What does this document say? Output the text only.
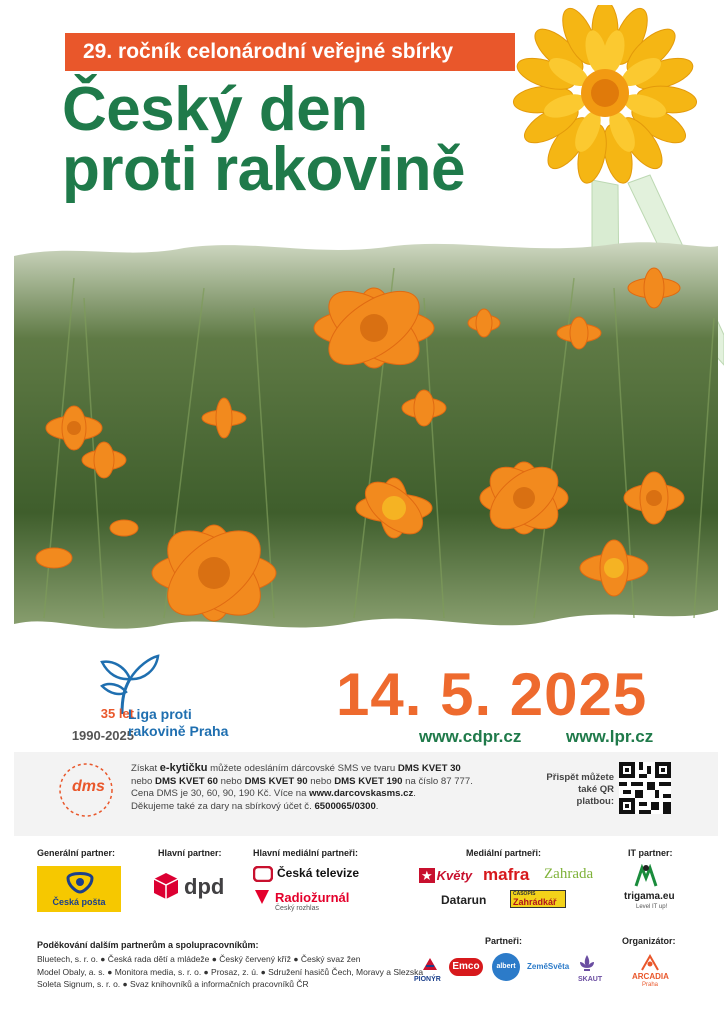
29. ročník celonárodní veřejné sbírky
Český den
proti rakovině
35 let
1990-2025
Liga proti
rakovině Praha
14. 5. 2025
www.cdpr.cz	www.lpr.cz
dms
Získat e-kytičku můžete odesláním dárcovské SMS ve tvaru DMS KVET 30
nebo DMS KVET 60 nebo DMS KVET 90 nebo DMS KVET 190 na číslo 87 777.
Cena DMS je 30, 60, 90, 190 Kč. Více na www.darcovskasms.cz.
Děkujeme také za dary na sbírkový účet č. 6500065/0300.
Přispět můžete
také QR platbou:
Generální partner:
Česká pošta
Hlavní partner:
dpd
Hlavní mediální partneři:
Česká televize
Radiožurnál
Český rozhlas
Mediální partneři:
★ Květy mafra Zahrada
Datarun	ČASOPIS
Zahrádkář
IT partner:
trigama.eu
Level IT up!
Poděkování dalším partnerům a spolupracovníkům:
Bluetech, s. r. o. ● Česká rada dětí a mládeže ● Český červený kříž ● Český svaz žen
Model Obaly, a. s. ● Monitora media, s. r. o. ● Prosaz, z. ú. ● Sdružení hasičů Čech, Moravy a Slezska
Soleta Signum, s. r. o. ● Svaz knihovníků a informačních pracovníků ČR
Partneři:
PIONÝR
Emco	albert	ZeměSvěta
SKAUT
Organizátor:
ARCADIA
Praha
